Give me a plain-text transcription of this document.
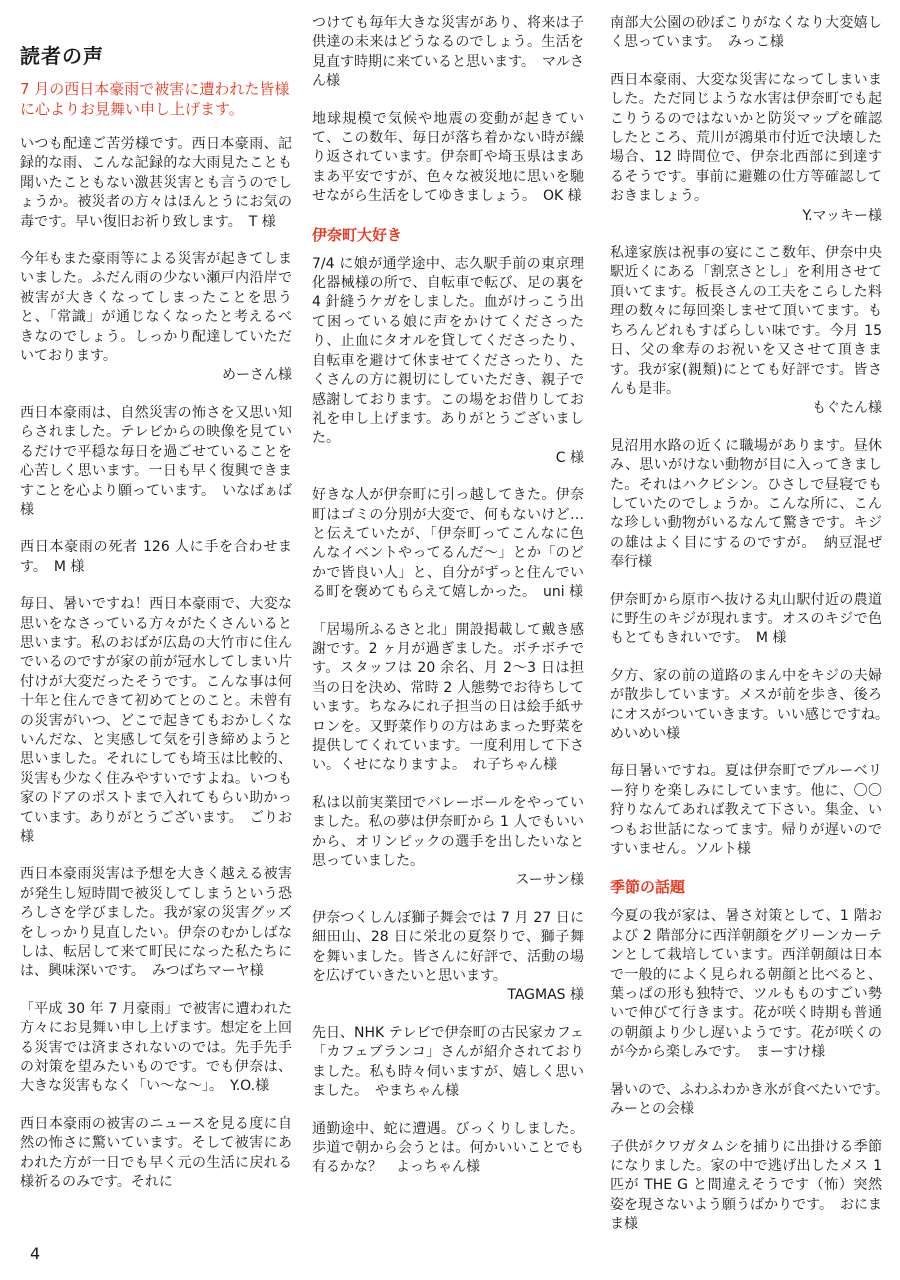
読者の声
7 月の西日本豪雨で被害に遭われた皆様に心よりお見舞い申し上げます。

いつも配達ご苦労様です。西日本豪雨、記録的な雨、こんな記録的な大雨見たことも聞いたこともない激甚災害とも言うのでしょうか。被災者の方々はほんとうにお気の毒です。早い復旧お祈り致します。　T 様

今年もまた豪雨等による災害が起きてしまいました。ふだん雨の少ない瀬戸内沿岸で被害が大きくなってしまったことを思うと、「常識」が通じなくなったと考えるべきなのでしょう。しっかり配達していただいております。

めーさん様

西日本豪雨は、自然災害の怖さを又思い知らされました。テレビからの映像を見ているだけで平穏な毎日を過ごせていることを心苦しく思います。一日も早く復興できますことを心より願っています。　いなばぁば様

西日本豪雨の死者 126 人に手を合わせます。　M 様

毎日、暑いですね！西日本豪雨で、大変な思いをなさっている方々がたくさんいると思います。私のおばが広島の大竹市に住んでいるのですが家の前が冠水してしまい片付けが大変だったそうです。こんな事は何十年と住んできて初めてとのこと。未曾有の災害がいつ、どこで起きてもおかしくないんだな、と実感して気を引き締めようと思いました。それにしても埼玉は比較的、災害も少なく住みやすいですよね。いつも家のドアのポストまで入れてもらい助かっています。ありがとうございます。　ごりお様

西日本豪雨災害は予想を大きく越える被害が発生し短時間で被災してしまうという恐ろしさを学びました。我が家の災害グッズをしっかり見直したい。伊奈のむかしばなしは、転居して来て町民になった私たちには、興味深いです。　みつばちマーヤ様

「平成 30 年 7 月豪雨」で被害に遭われた方々にお見舞い申し上げます。想定を上回る災害では済まされないのでは。先手先手の対策を望みたいものです。でも伊奈は、大きな災害もなく「い〜な〜」。　Y.O.様

西日本豪雨の被害のニュースを見る度に自然の怖さに驚いています。そして被害にあわれた方が一日でも早く元の生活に戻れる様祈るのみです。それに

つけても毎年大きな災害があり、将来は子供達の未来はどうなるのでしょう。生活を見直す時期に来ていると思います。　マルさん様

地球規模で気候や地震の変動が起きていて、この数年、毎日が落ち着かない時が繰り返されています。伊奈町や埼玉県はまあまあ平安ですが、色々な被災地に思いを馳せながら生活をしてゆきましょう。　OK 様

伊奈町大好き

7/4 に娘が通学途中、志久駅手前の東京理化器械様の所で、自転車で転び、足の裏を 4 針縫うケガをしました。血がけっこう出て困っている娘に声をかけてくださったり、止血にタオルを貸してくださったり、自転車を避けて休ませてくださったり、たくさんの方に親切にしていただき、親子で感謝しております。この場をお借りしてお礼を申し上げます。ありがとうございました。

C 様

好きな人が伊奈町に引っ越してきた。伊奈町はゴミの分別が大変で、何もないけど…と伝えていたが、「伊奈町ってこんなに色んなイベントやってるんだ〜」とか「のどかで皆良い人」と、自分がずっと住んでいる町を褒めてもらえて嬉しかった。　uni 様

「居場所ふるさと北」開設掲載して戴き感謝です。2 ヶ月が過ぎました。ボチボチです。スタッフは 20 余名、月 2〜3 日は担当の日を決め、常時 2 人態勢でお待ちしています。ちなみにれ子担当の日は絵手紙サロンを。又野菜作りの方はあまった野菜を提供してくれています。一度利用して下さい。くせになりますよ。　れ子ちゃん様

私は以前実業団でバレーボールをやっていました。私の夢は伊奈町から 1 人でもいいから、オリンピックの選手を出したいなと思っていました。

スーサン様

伊奈つくしんぼ獅子舞会では 7 月 27 日に細田山、28 日に栄北の夏祭りで、獅子舞を舞いました。皆さんに好評で、活動の場を広げていきたいと思います。

TAGMAS 様

先日、NHK テレビで伊奈町の古民家カフェ「カフェブランコ」さんが紹介されておりました。私も時々伺いますが、嬉しく思いました。　やまちゃん様

通勤途中、蛇に遭遇。びっくりしました。歩道で朝から会うとは。何かいいことでも有るかな？　よっちゃん様

南部大公園の砂ぼこりがなくなり大変嬉しく思っています。　みっこ様

西日本豪雨、大変な災害になってしまいました。ただ同じような水害は伊奈町でも起こりうるのではないかと防災マップを確認したところ、荒川が鴻巣市付近で決壊した場合、12 時間位で、伊奈北西部に到達するそうです。事前に避難の仕方等確認しておきましょう。

Y.マッキー様

私達家族は祝事の宴にここ数年、伊奈中央駅近くにある「割烹さとし」を利用させて頂いてます。板長さんの工夫をこらした料理の数々に毎回楽しませて頂いてます。もちろんどれもすばらしい味です。今月 15 日、父の傘寿のお祝いを又させて頂きます。我が家(親類)にとても好評です。皆さんも是非。

もぐたん様

見沼用水路の近くに職場があります。昼休み、思いがけない動物が目に入ってきました。それはハクビシン。ひさしで昼寝でもしていたのでしょうか。こんな所に、こんな珍しい動物がいるなんて驚きです。キジの雄はよく目にするのですが。　納豆混ぜ奉行様

伊奈町から原市へ抜ける丸山駅付近の農道に野生のキジが現れます。オスのキジで色もとてもきれいです。　M 様

夕方、家の前の道路のまん中をキジの夫婦が散歩しています。メスが前を歩き、後ろにオスがついていきます。いい感じですね。　めいめい様

毎日暑いですね。夏は伊奈町でブルーベリー狩りを楽しみにしています。他に、〇〇狩りなんてあれば教えて下さい。集金、いつもお世話になってます。帰りが遅いのですいません。ソルト様

季節の話題

今夏の我が家は、暑さ対策として、1 階および 2 階部分に西洋朝顔をグリーンカーテンとして栽培しています。西洋朝顔は日本で一般的によく見られる朝顔と比べると、葉っぱの形も独特で、ツルもものすごい勢いで伸びて行きます。花が咲く時期も普通の朝顔より少し遅いようです。花が咲くのが今から楽しみです。　まーすけ様

暑いので、ふわふわかき氷が食べたいです。　みーとの会様

子供がクワガタムシを捕りに出掛ける季節になりました。家の中で逃げ出したメス 1 匹が THE G と間違えそうです（怖）突然姿を現さないよう願うばかりです。　おにまま様

4
